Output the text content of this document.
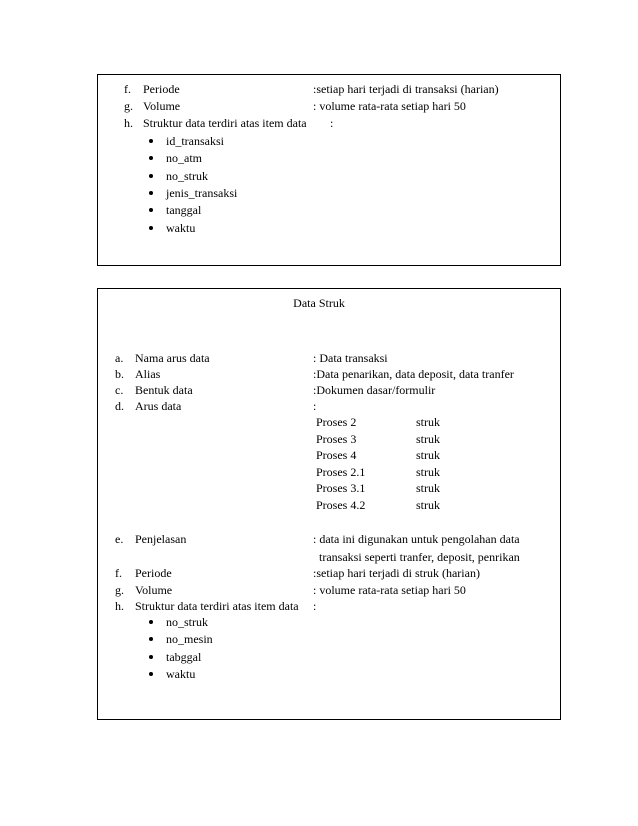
f. Periode	:setiap hari terjadi di transaksi (harian)
g. Volume	: volume rata-rata setiap hari 50
h. Struktur data terdiri atas item data :
id_transaksi
no_atm
no_struk
jenis_transaksi
tanggal
waktu
Data Struk
a. Nama arus data	: Data transaksi
b. Alias	:Data penarikan, data deposit, data tranfer
c. Bentuk data	:Dokumen dasar/formulir
d. Arus data	:
Proses 2	struk
Proses 3	struk
Proses 4	struk
Proses 2.1	struk
Proses 3.1	struk
Proses 4.2	struk
e. Penjelasan	: data ini digunakan untuk pengolahan data
transaksi seperti tranfer, deposit, penrikan
f. Periode	:setiap hari terjadi di struk (harian)
g. Volume	: volume rata-rata setiap hari 50
h. Struktur data terdiri atas item data :
no_struk
no_mesin
tabggal
waktu
